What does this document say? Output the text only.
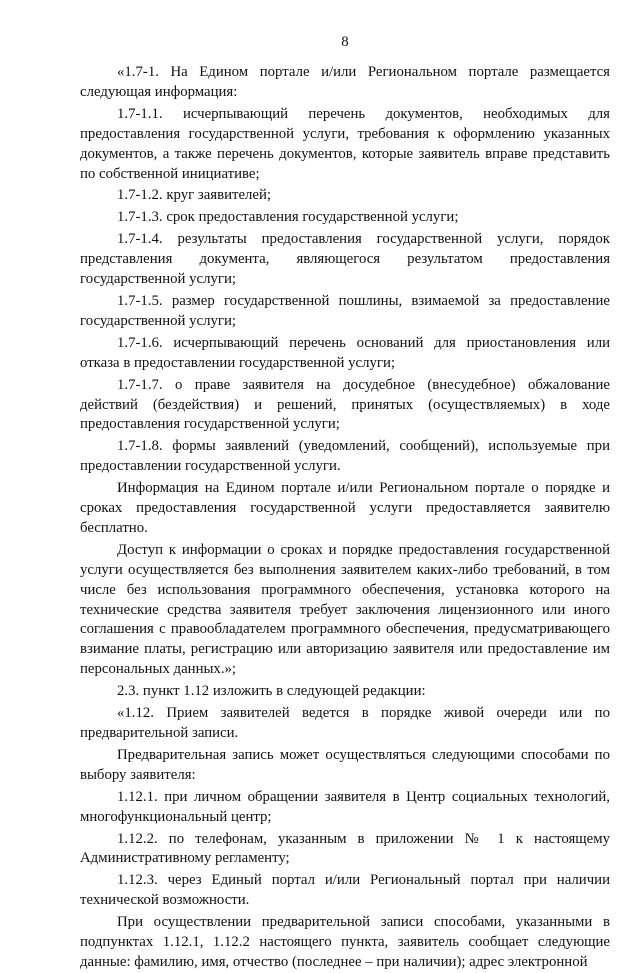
8

«1.7-1. На Едином портале и/или Региональном портале размещается следующая информация:

1.7-1.1. исчерпывающий перечень документов, необходимых для предоставления государственной услуги, требования к оформлению указанных документов, а также перечень документов, которые заявитель вправе представить по собственной инициативе;

1.7-1.2. круг заявителей;

1.7-1.3. срок предоставления государственной услуги;

1.7-1.4. результаты предоставления государственной услуги, порядок представления документа, являющегося результатом предоставления государственной услуги;

1.7-1.5. размер государственной пошлины, взимаемой за предоставление государственной услуги;

1.7-1.6. исчерпывающий перечень оснований для приостановления или отказа в предоставлении государственной услуги;

1.7-1.7. о праве заявителя на досудебное (внесудебное) обжалование действий (бездействия) и решений, принятых (осуществляемых) в ходе предоставления государственной услуги;

1.7-1.8. формы заявлений (уведомлений, сообщений), используемые при предоставлении государственной услуги.

Информация на Едином портале и/или Региональном портале о порядке и сроках предоставления государственной услуги предоставляется заявителю бесплатно.

Доступ к информации о сроках и порядке предоставления государственной услуги осуществляется без выполнения заявителем каких-либо требований, в том числе без использования программного обеспечения, установка которого на технические средства заявителя требует заключения лицензионного или иного соглашения с правообладателем программного обеспечения, предусматривающего взимание платы, регистрацию или авторизацию заявителя или предоставление им персональных данных.»;

2.3. пункт 1.12 изложить в следующей редакции:

«1.12. Прием заявителей ведется в порядке живой очереди или по предварительной записи.

Предварительная запись может осуществляться следующими способами по выбору заявителя:

1.12.1. при личном обращении заявителя в Центр социальных технологий, многофункциональный центр;

1.12.2. по телефонам, указанным в приложении № 1 к настоящему Административному регламенту;

1.12.3. через Единый портал и/или Региональный портал при наличии технической возможности.

При осуществлении предварительной записи способами, указанными в подпунктах 1.12.1, 1.12.2 настоящего пункта, заявитель сообщает следующие данные: фамилию, имя, отчество (последнее – при наличии); адрес электронной
